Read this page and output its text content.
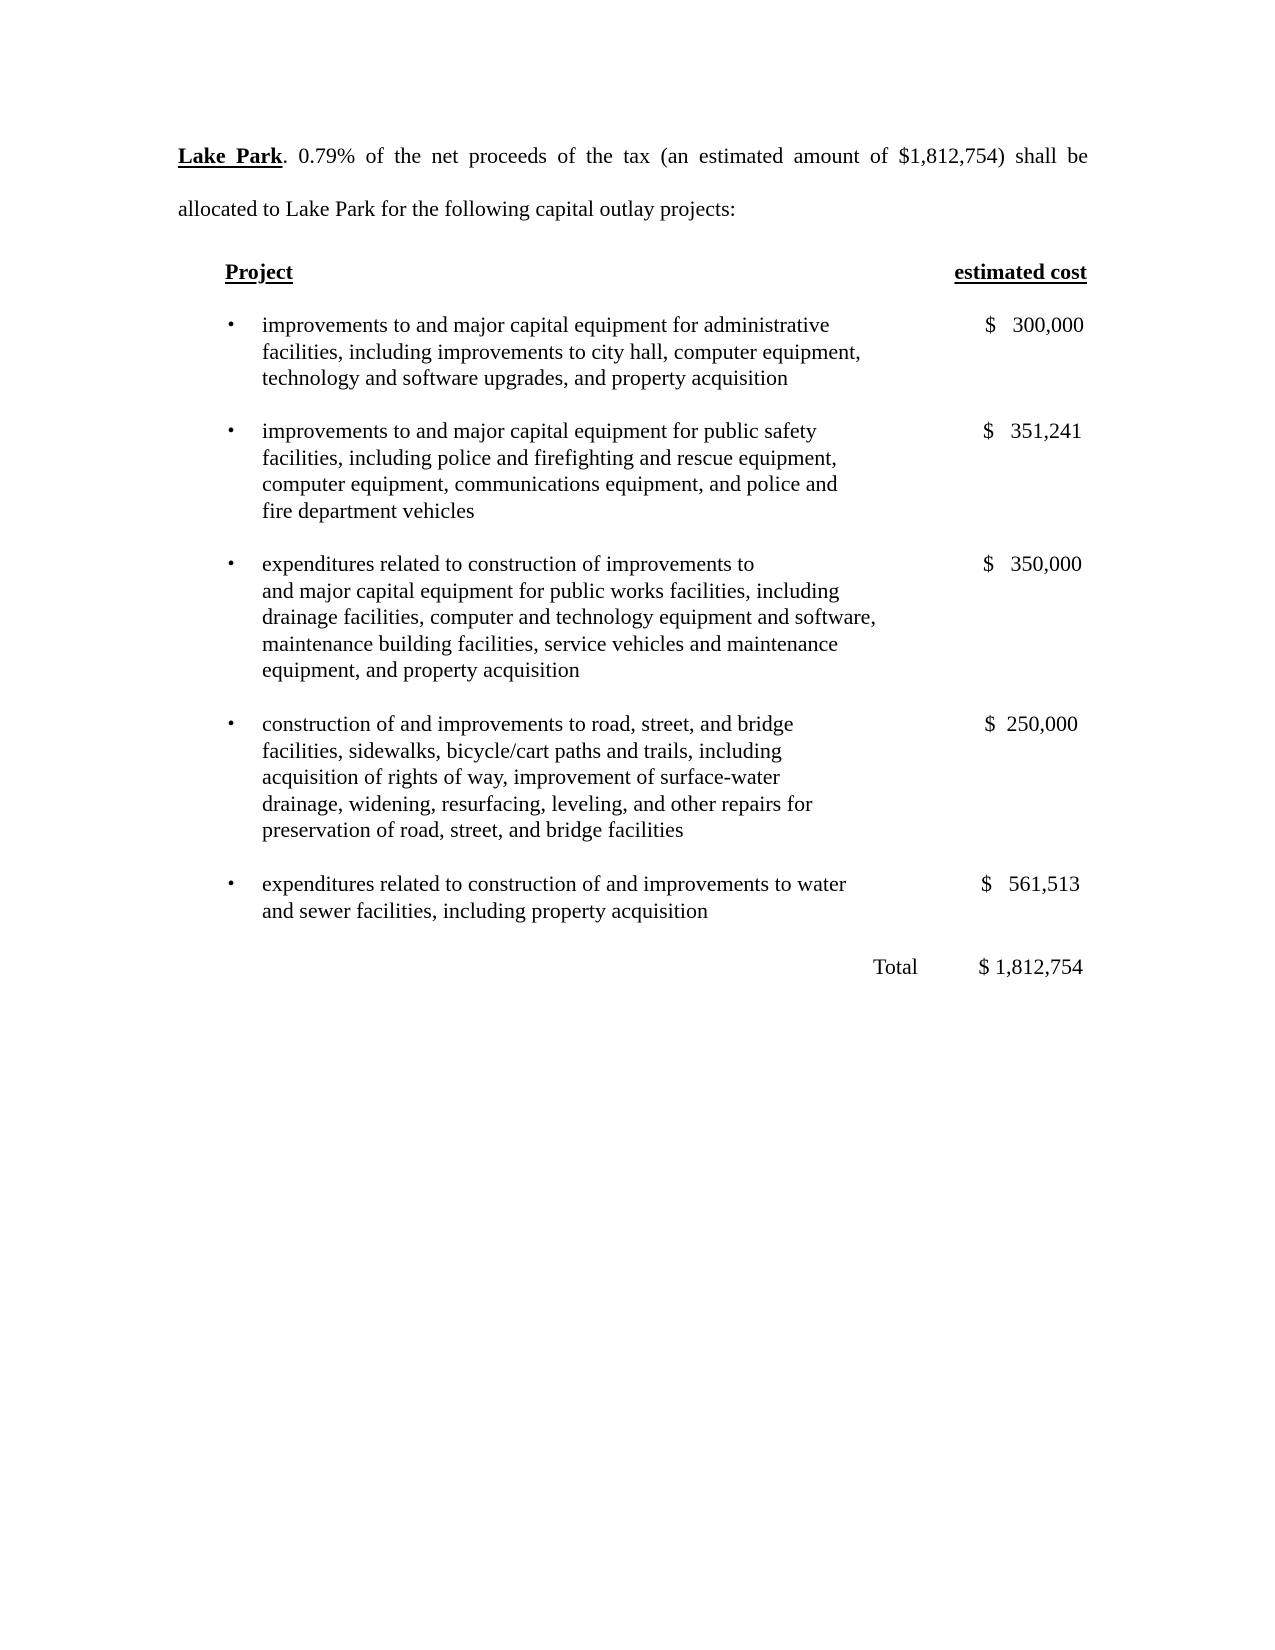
Lake Park. 0.79% of the net proceeds of the tax (an estimated amount of $1,812,754) shall be
allocated to Lake Park for the following capital outlay projects:
Project	estimated cost
• improvements to and major capital equipment for administrative
facilities, including improvements to city hall, computer equipment,
technology and software upgrades, and property acquisition
$   300,000
• improvements to and major capital equipment for public safety
facilities, including police and firefighting and rescue equipment,
computer equipment, communications equipment, and police and
fire department vehicles
$   351,241
• expenditures related to construction of improvements to
and major capital equipment for public works facilities, including
drainage facilities, computer and technology equipment and software,
maintenance building facilities, service vehicles and maintenance
equipment, and property acquisition
$   350,000
• construction of and improvements to road, street, and bridge
facilities, sidewalks, bicycle/cart paths and trails, including
acquisition of rights of way, improvement of surface-water
drainage, widening, resurfacing, leveling, and other repairs for
preservation of road, street, and bridge facilities
$  250,000
• expenditures related to construction of and improvements to water
and sewer facilities, including property acquisition
$   561,513
Total	$ 1,812,754
